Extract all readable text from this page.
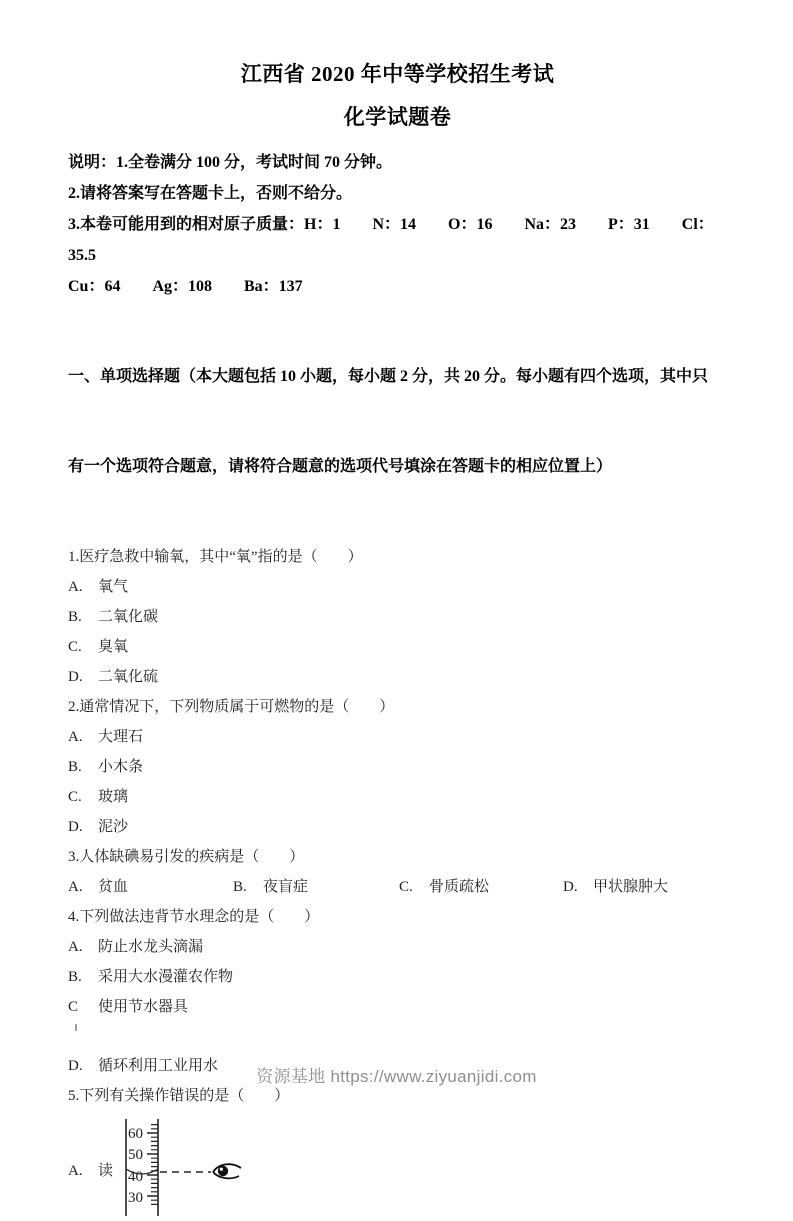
江西省 2020 年中等学校招生考试
化学试题卷
说明：1.全卷满分 100 分，考试时间 70 分钟。
2.请将答案写在答题卡上，否则不给分。
3.本卷可能用到的相对原子质量：H：1　　N：14　　O：16　　Na：23　　P：31　　Cl：35.5
Cu：64　　Ag：108　　Ba：137

一、单项选择题（本大题包括 10 小题，每小题 2 分，共 20 分。每小题有四个选项，其中只

有一个选项符合题意，请将符合题意的选项代号填涂在答题卡的相应位置上）

1.医疗急救中输氧，其中“氧”指的是（　　）
A. 氧气
B. 二氧化碳
C. 臭氧
D. 二氧化硫
2.通常情况下，下列物质属于可燃物的是（　　）
A. 大理石
B. 小木条
C. 玻璃
D. 泥沙
3.人体缺碘易引发的疾病是（　　）
A. 贫血	B. 夜盲症	C. 骨质疏松	D. 甲状腺肿大
4.下列做法违背节水理念的是（　　）
A. 防止水龙头滴漏
B. 采用大水漫灌农作物
C 使用节水器具
D. 循环利用工业用水
5.下列有关操作错误的是（　　）
A. 读
60
50
40
30
资源基地 https://www.ziyuanjidi.com
